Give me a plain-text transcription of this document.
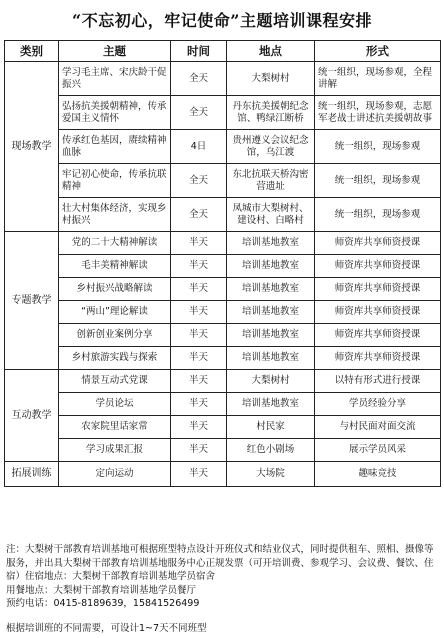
“不忘初心，牢记使命”主题培训课程安排
类别	主题	时间	地点	形式
现场教学	学习毛主席、宋庆龄干促振兴	全天	大梨树村	统一组织，现场参观，全程讲解
	弘扬抗美援朝精神，传承爱国主义情怀	全天	丹东抗美援朝纪念馆、鸭绿江断桥	统一组织，现场参观，志愿军老战士讲述抗美援朝故事
	传承红色基因，赓续精神血脉	4日	贵州遵义会议纪念馆，乌江渡	统一组织，现场参观
	牢记初心使命，传承抗联精神	全天	东北抗联天桥沟密营遗址	统一组织，现场参观
	壮大村集体经济，实现乡村振兴	全天	凤城市大梨树村、建设村、白略村	统一组织，现场参观
专题教学	党的二十大精神解读	半天	培训基地教室	师资库共享师资授课
	毛丰美精神解读	半天	培训基地教室	师资库共享师资授课
	乡村振兴战略解读	半天	培训基地教室	师资库共享师资授课
	“两山”理论解读	半天	培训基地教室	师资库共享师资授课
	创新创业案例分享	半天	培训基地教室	师资库共享师资授课
	乡村旅游实践与探索	半天	培训基地教室	师资库共享师资授课
互动教学	情景互动式党课	半天	大梨树村	以特有形式进行授课
	学员论坛	半天	培训基地教室	学员经验分享
	农家院里话家常	半天	村民家	与村民面对面交流
	学习成果汇报	半天	红色小剧场	展示学员风采
拓展训练	定向运动	半天	大场院	趣味竞技

注：大梨树干部教育培训基地可根据班型特点设计开班仪式和结业仪式，同时提供租车、照相、摄像等服务，并出具大梨树干部教育培训基地服务中心正规发票（可开培训费、参观学习、会议费、餐饮、住宿）住宿地点：大梨树干部教育培训基地学员宿舍

用餐地点：大梨树干部教育培训基地学员餐厅

预约电话：0415-8189639，15841526499

根据培训班的不同需要，可设计1~7天不同班型
